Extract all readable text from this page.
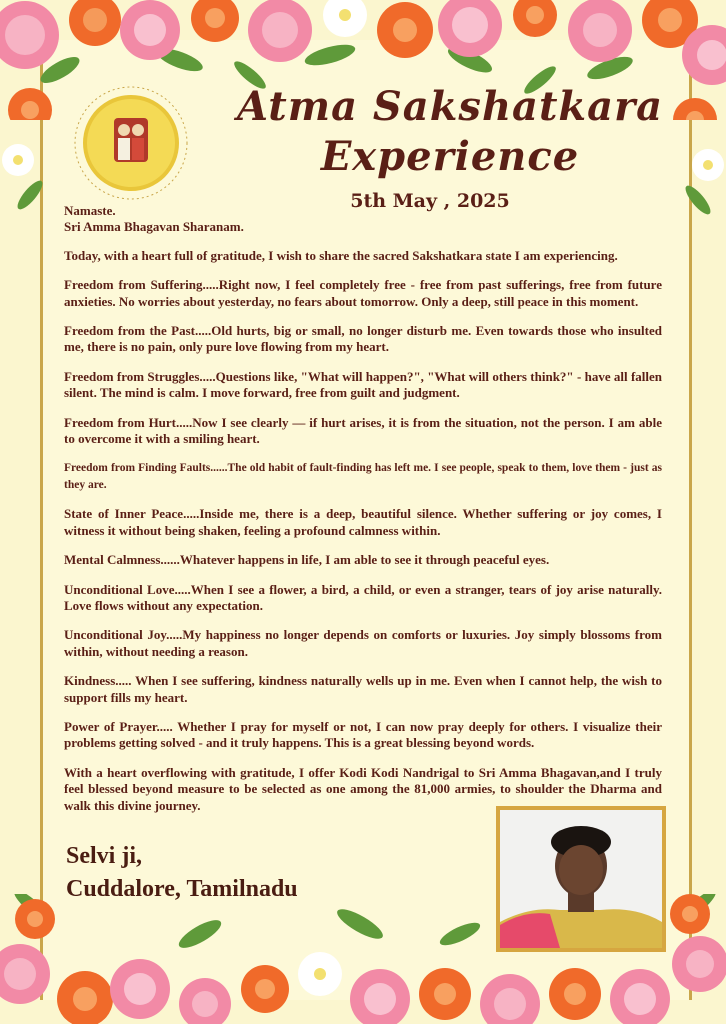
Atma Sakshatkara
Experience
5th May , 2025

Namaste.
Sri Amma Bhagavan Sharanam.

Today, with a heart full of gratitude, I wish to share the sacred Sakshatkara state I am experiencing.

Freedom from Suffering.....Right now, I feel completely free - free from past sufferings, free from future anxieties. No worries about yesterday, no fears about tomorrow. Only a deep, still peace in this moment.

Freedom from the Past.....Old hurts, big or small, no longer disturb me. Even towards those who insulted me, there is no pain, only pure love flowing from my heart.

Freedom from Struggles.....Questions like, "What will happen?", "What will others think?" - have all fallen silent. The mind is calm. I move forward, free from guilt and judgment.

Freedom from Hurt.....Now I see clearly — if hurt arises, it is from the situation, not the person. I am able to overcome it with a smiling heart.

Freedom from Finding Faults......The old habit of fault-finding has left me. I see people, speak to them, love them - just as they are.

State of Inner Peace.....Inside me, there is a deep, beautiful silence. Whether suffering or joy comes, I witness it without being shaken, feeling a profound calmness within.

Mental Calmness......Whatever happens in life, I am able to see it through peaceful eyes.

Unconditional Love.....When I see a flower, a bird, a child, or even a stranger, tears of joy arise naturally. Love flows without any expectation.

Unconditional Joy.....My happiness no longer depends on comforts or luxuries. Joy simply blossoms from within, without needing a reason.

Kindness..... When I see suffering, kindness naturally wells up in me. Even when I cannot help, the wish to support fills my heart.

Power of Prayer..... Whether I pray for myself or not, I can now pray deeply for others. I visualize their problems getting solved - and it truly happens. This is a great blessing beyond words.

With a heart overflowing with gratitude, I offer Kodi Kodi Nandrigal to Sri Amma Bhagavan,and I truly feel blessed beyond measure to be selected as one among the 81,000 armies, to shoulder the Dharma and walk this divine journey.

Selvi ji,
Cuddalore, Tamilnadu
